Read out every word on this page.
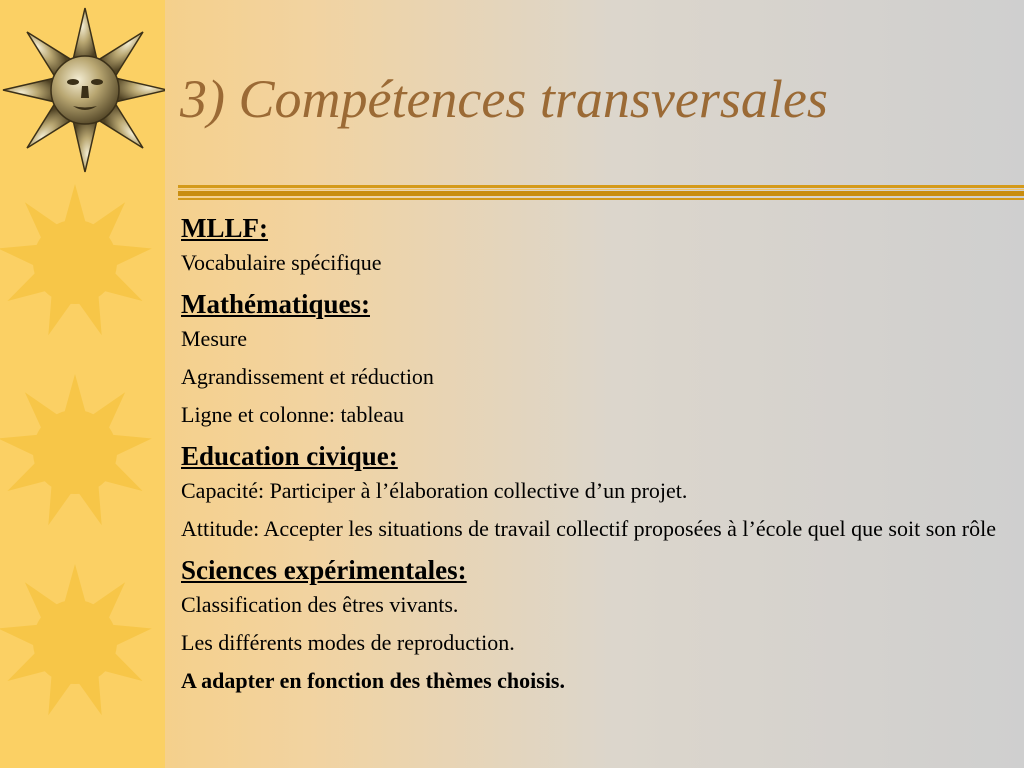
3) Compétences transversales
MLLF:
Vocabulaire spécifique
Mathématiques:
Mesure
Agrandissement et réduction
Ligne et colonne: tableau
Education civique:
Capacité: Participer à l’élaboration collective d’un projet.
Attitude: Accepter les situations de travail collectif proposées à l’école quel que soit son rôle
Sciences expérimentales:
Classification des êtres vivants.
Les différents modes de reproduction.
A adapter en fonction des thèmes choisis.
